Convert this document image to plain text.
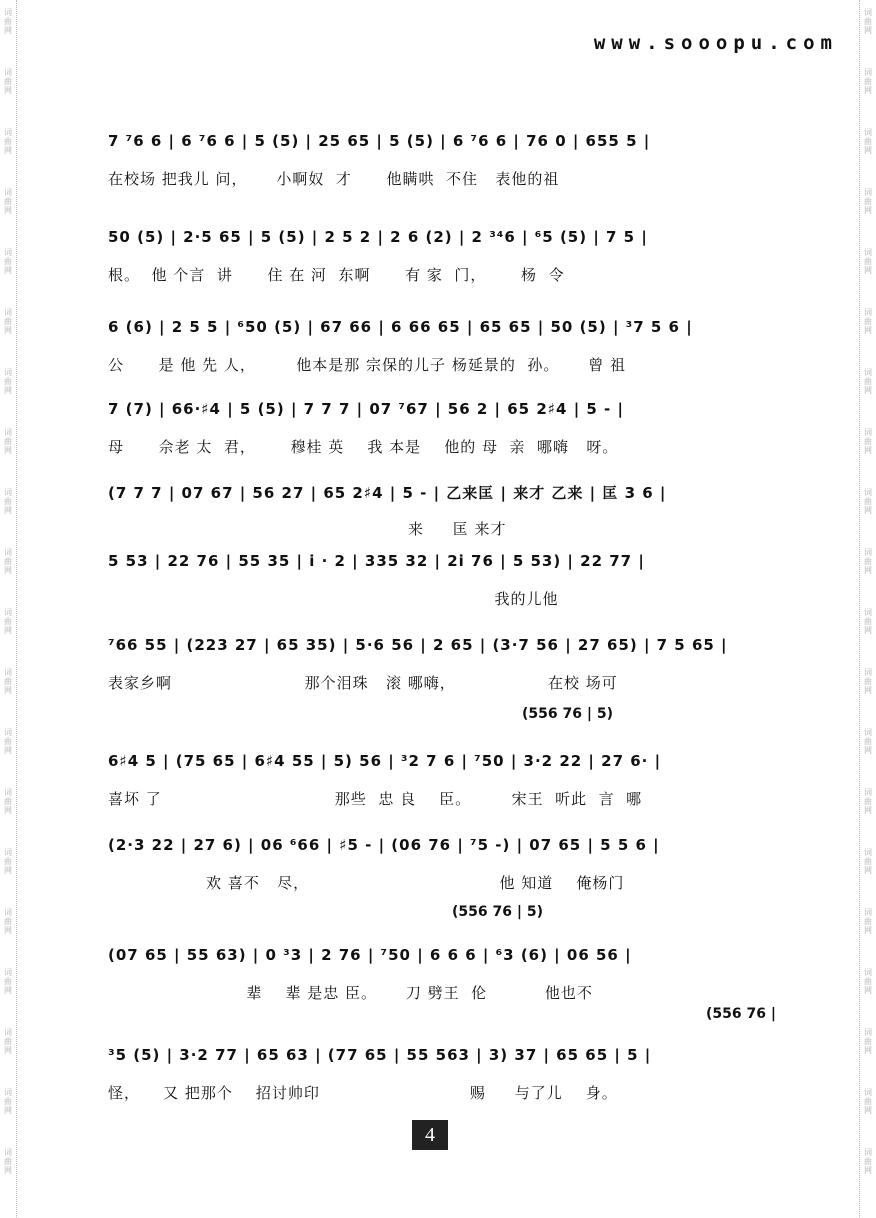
词
曲
网
词
曲
网
词
曲
网
词
曲
网
词
曲
网
词
曲
网
词
曲
网
词
曲
网
词
曲
网
词
曲
网
词
曲
网
词
曲
网
词
曲
网
词
曲
网
词
曲
网
词
曲
网
词
曲
网
词
曲
网
词
曲
网
词
曲
网
词
曲
网
词
曲
网
词
曲
网
词
曲
网
词
曲
网
词
曲
网
词
曲
网
词
曲
网
词
曲
网
词
曲
网
词
曲
网
词
曲
网
词
曲
网
词
曲
网
词
曲
网
词
曲
网
词
曲
网
词
曲
网
词
曲
网
词
曲
网
www.sooopu.com
7 ⁷6 6 | 6 ⁷6 6 | 5 (5) | 25 65 | 5 (5) | 6 ⁷6 6 | 76 0 | 655 5 |
在校场 把我儿 问，     小啊奴  才      他瞒哄  不住   表他的祖
50 (5) | 2·5 65 | 5 (5) | 2 5 2 | 2 6 (2) | 2 ³⁴6 | ⁶5 (5) | 7 5 |
根。  他 个言  讲      住 在 河  东啊      有 家  门，      杨  令
6 (6) | 2 5 5 | ⁶50 (5) | 67 66 | 6 66 65 | 65 65 | 50 (5) | ³7 5 6 |
公      是 他 先 人，       他本是那 宗保的儿子 杨延景的  孙。     曾 祖
7 (7) | 66·♯4 | 5 (5) | 7 7 7 | 07 ⁷67 | 56 2 | 65 2♯4 | 5 - |
母      佘老 太  君，      穆桂 英    我 本是    他的 母  亲  哪嗨   呀。
(7 7 7 | 07 67 | 56 27 | 65 2♯4 | 5 - | 乙来匡 | 来才 乙来 | 匡 3 6 |
来     匡 来才
5 53 | 22 76 | 55 35 | i · 2 | 335 32 | 2i 76 | 5 53) | 22 77 |
我的儿他
⁷66 55 | (223 27 | 65 35) | 5·6 56 | 2 65 | (3·7 56 | 27 65) | 7 5 65 |
表家乡啊                       那个泪珠   滚 哪嗨，                在校 场可
6♯4 5 | (75 65 | 6♯4 55 | 5) 56 | ³2 7 6 | ⁷50 | 3·2 22 | 27 6· |
喜坏 了                              那些  忠 良    臣。       宋王  听此  言  哪
(2·3 22 | 27 6) | 06 ⁶66 | ♯5 - | (06 76 | ⁷5 -) | 07 65 | 5 5 6 |
欢 喜不   尽，                                 他 知道    俺杨门
(07 65 | 55 63) | 0 ³3 | 2 76 | ⁷50 | 6 6 6 | ⁶3 (6) | 06 56 |
辈    辈 是忠 臣。     刀 劈王  伦          他也不
³5 (5) | 3·2 77 | 65 63 | (77 65 | 55 563 | 3) 37 | 65 65 | 5 |
怪，    又 把那个    招讨帅印                          赐     与了儿    身。
(556 76 | 5)
(556 76 | 5)
(556 76 |
4
